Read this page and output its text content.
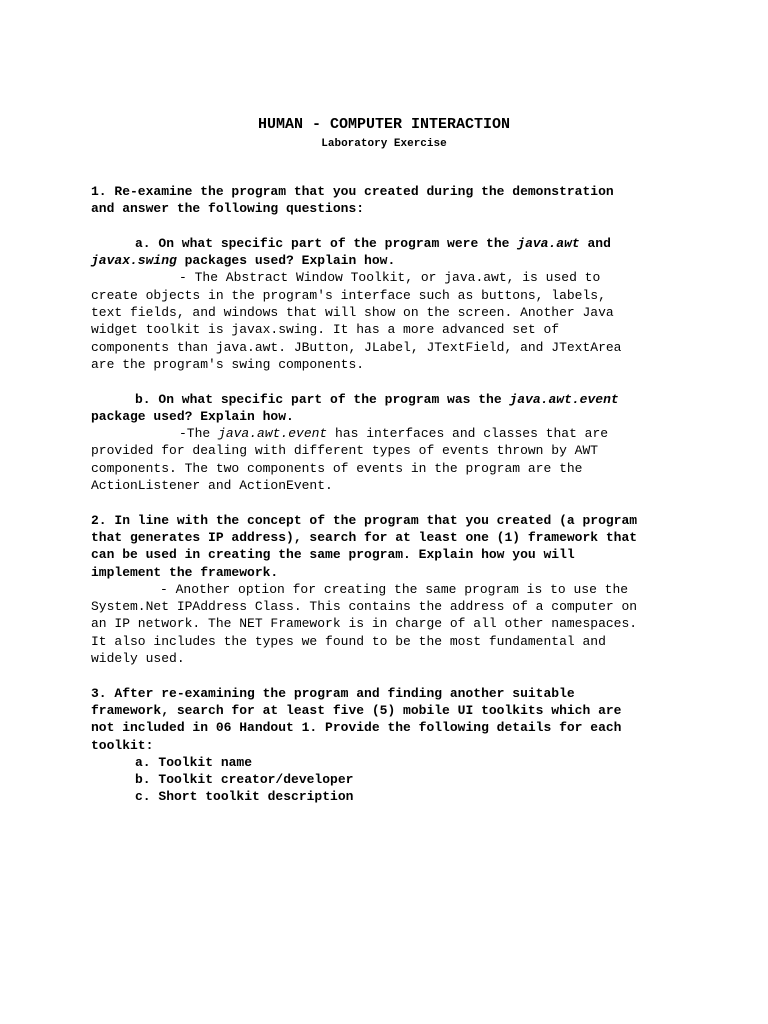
HUMAN - COMPUTER INTERACTION
Laboratory Exercise
1. Re-examine the program that you created during the demonstration
and answer the following questions:
a. On what specific part of the program were the java.awt and
javax.swing packages used? Explain how.
- The Abstract Window Toolkit, or java.awt, is used to
create objects in the program's interface such as buttons, labels,
text fields, and windows that will show on the screen. Another Java
widget toolkit is javax.swing. It has a more advanced set of
components than java.awt. JButton, JLabel, JTextField, and JTextArea
are the program's swing components.
b. On what specific part of the program was the java.awt.event
package used? Explain how.
-The java.awt.event has interfaces and classes that are
provided for dealing with different types of events thrown by AWT
components. The two components of events in the program are the
ActionListener and ActionEvent.
2. In line with the concept of the program that you created (a program
that generates IP address), search for at least one (1) framework that
can be used in creating the same program. Explain how you will
implement the framework.
- Another option for creating the same program is to use the
System.Net IPAddress Class. This contains the address of a computer on
an IP network. The NET Framework is in charge of all other namespaces.
It also includes the types we found to be the most fundamental and
widely used.
3. After re-examining the program and finding another suitable
framework, search for at least five (5) mobile UI toolkits which are
not included in 06 Handout 1. Provide the following details for each
toolkit:
a. Toolkit name
b. Toolkit creator/developer
c. Short toolkit description
